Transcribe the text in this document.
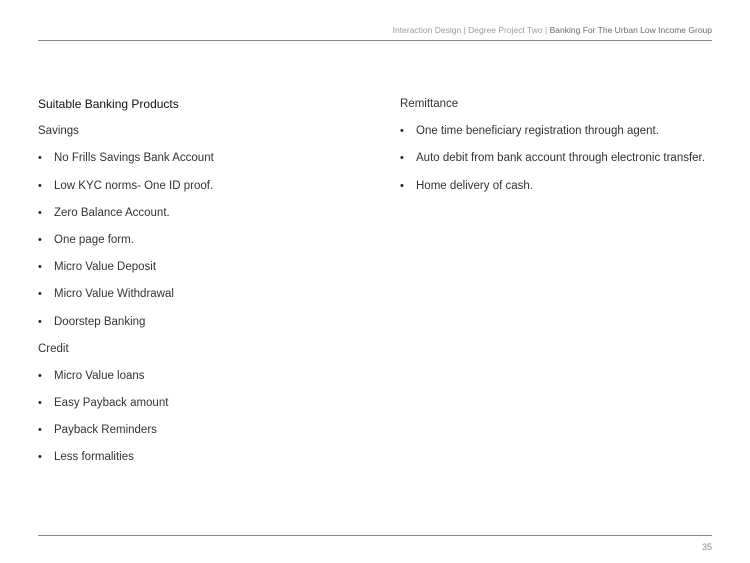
Interaction Design | Degree Project Two | Banking For The Urban Low Income Group
Suitable Banking Products
Savings
• No Frills Savings Bank Account
• Low KYC norms- One ID proof.
• Zero Balance Account.
• One page form.
• Micro Value Deposit
• Micro Value Withdrawal
• Doorstep Banking
Credit
• Micro Value loans
• Easy Payback amount
• Payback Reminders
• Less formalities
Remittance
• One time beneficiary registration through agent.
• Auto debit from bank account through electronic transfer.
• Home delivery of cash.
35
